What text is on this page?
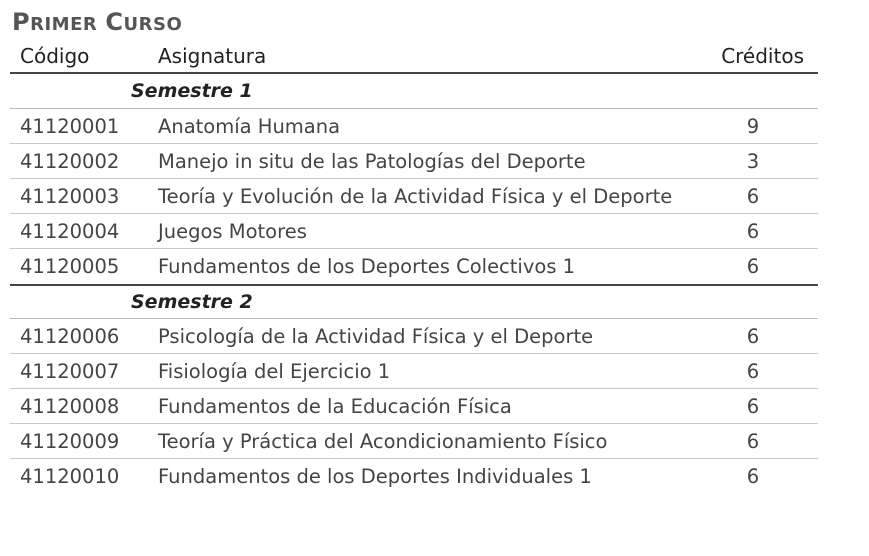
PRIMER CURSO
Código	Asignatura	Créditos
Semestre 1
41120001	Anatomía Humana	9
41120002	Manejo in situ de las Patologías del Deporte	3
41120003	Teoría y Evolución de la Actividad Física y el Deporte	6
41120004	Juegos Motores	6
41120005	Fundamentos de los Deportes Colectivos 1	6
Semestre 2
41120006	Psicología de la Actividad Física y el Deporte	6
41120007	Fisiología del Ejercicio 1	6
41120008	Fundamentos de la Educación Física	6
41120009	Teoría y Práctica del Acondicionamiento Físico	6
41120010	Fundamentos de los Deportes Individuales 1	6
